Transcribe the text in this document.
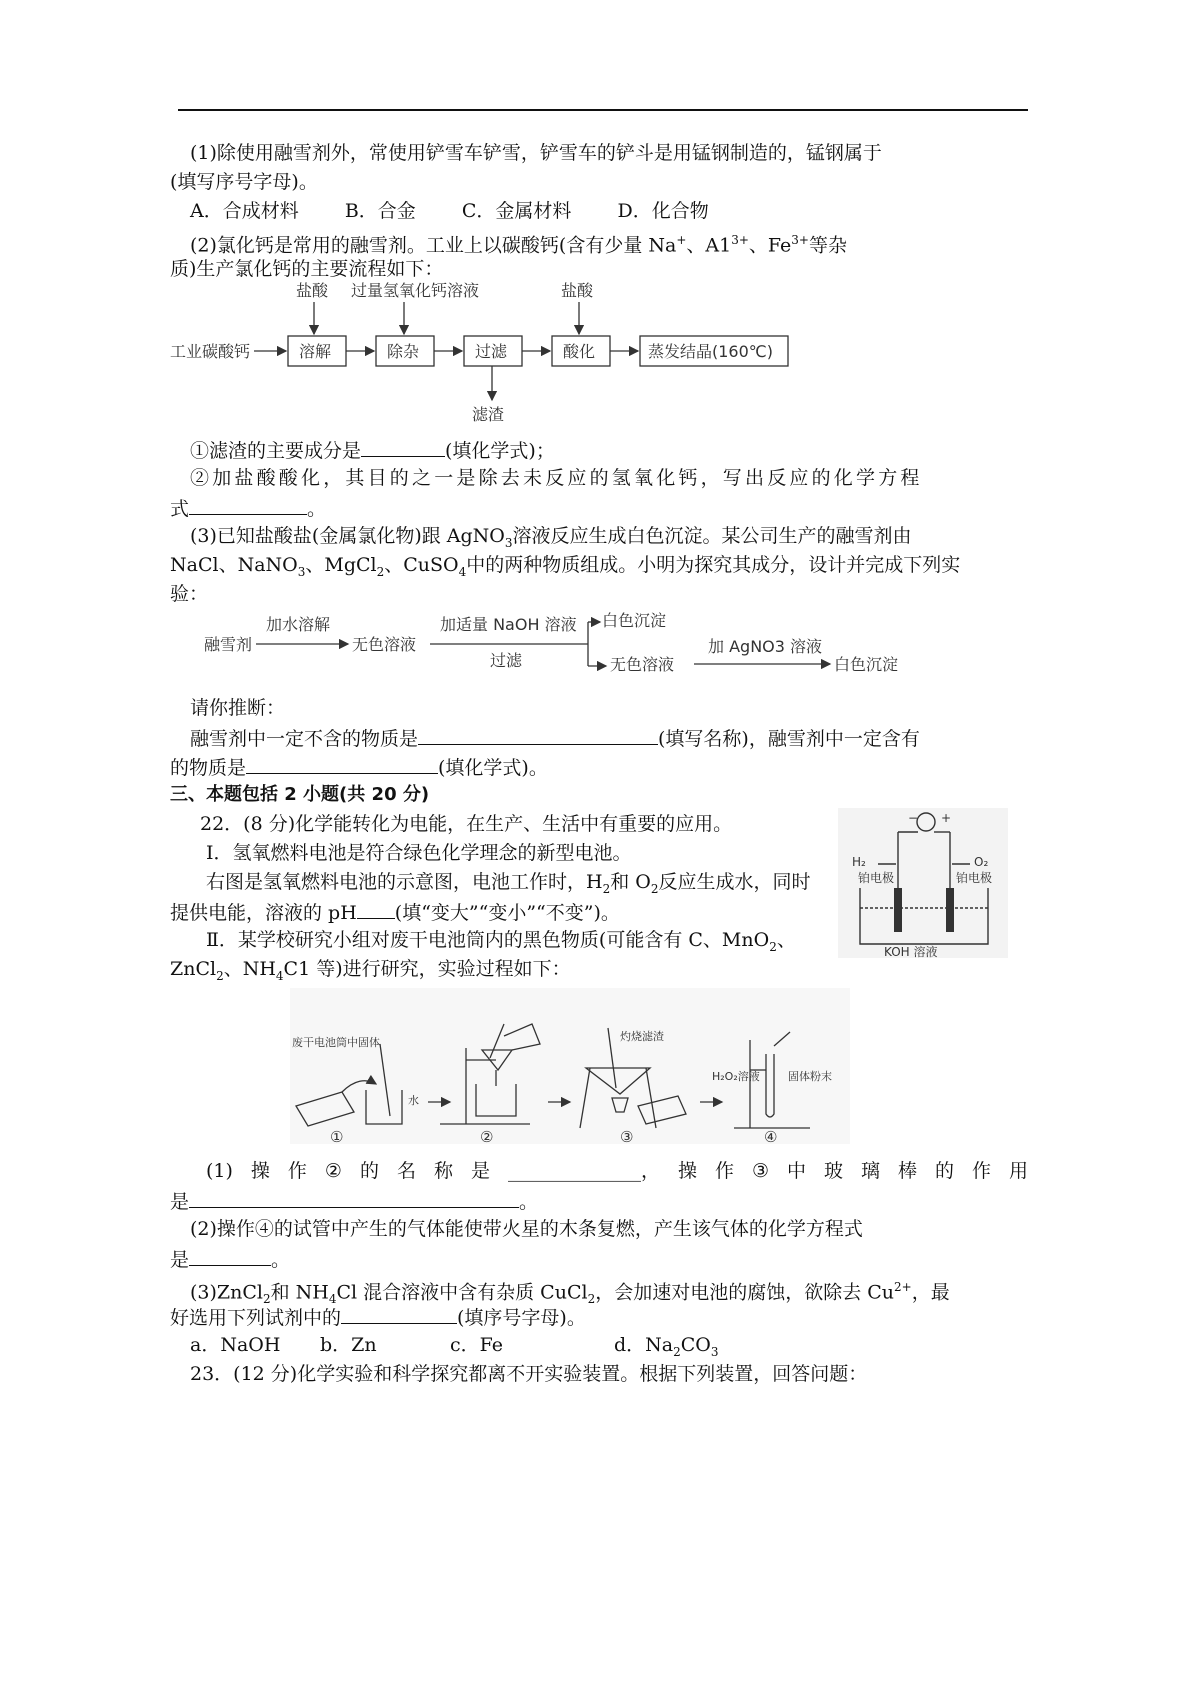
(1)除使用融雪剂外，常使用铲雪车铲雪，铲雪车的铲斗是用锰钢制造的，锰钢属于
(填写序号字母)。
A．合成材料 B．合金 C．金属材料 D．化合物
(2)氯化钙是常用的融雪剂。工业上以碳酸钙(含有少量 Na+、$A1^{3+}$、$Fe^{3+}$等杂
质)生产氯化钙的主要流程如下：
工业碳酸钙	溶解	除杂	过滤	酸化	蒸发结晶(160℃)
盐酸 过量氢氧化钙溶液	盐酸
滤渣
①滤渣的主要成分是	(填化学式)；
②加盐酸酸化，其目的之一是除去未反应的氢氧化钙，写出反应的化学方程
式	。
(3)已知盐酸盐(金属氯化物)跟 AgNO$_3$溶液反应生成白色沉淀。某公司生产的融雪剂由
NaCl、NaNO$_3$、MgCl$_2$、CuSO$_4$中的两种物质组成。小明为探究其成分，设计并完成下列实
验：
融雪剂
加水溶解
无色溶液
加适量 NaOH 溶液
过滤
白色沉淀
无色溶液
加 AgNO3 溶液
白色沉淀
请你推断：
融雪剂中一定不含的物质是	(填写名称)，融雪剂中一定含有
的物质是	(填化学式)。
三、本题包括 2 小题(共 20 分)
22．(8 分)化学能转化为电能，在生产、生活中有重要的应用。
I．氢氧燃料电池是符合绿色化学理念的新型电池。
右图是氢氧燃料电池的示意图，电池工作时，$H_2$和 $O_2$反应生成水，同时
提供电能，溶液的 pH (填“变大”“变小”“不变”)。
− +
H₂	O₂
铂电极	铂电极
KOH 溶液
Ⅱ．某学校研究小组对废干电池筒内的黑色物质(可能含有 C、MnO$_2$、
ZnCl$_2$、$NH_4C1$ 等)进行研究，实验过程如下：
废干电池筒中固体
水
灼烧滤渣
H₂O₂溶液	固体粉末
①	②	③	④
(1) 操 作 ② 的 名 称 是 ______________， 操 作 ③ 中 玻 璃 棒 的 作 用
是	。
(2)操作④的试管中产生的气体能使带火星的木条复燃，产生该气体的化学方程式
是	。
(3)ZnCl$_2$和 $NH_4Cl$ 混合溶液中含有杂质 CuCl$_2$，会加速对电池的腐蚀，欲除去 $Cu^{2+}$，最
好选用下列试剂中的	(填序号字母)。
a．NaOH b．Zn	c．Fe	d．$Na_2CO_3$
23．(12 分)化学实验和科学探究都离不开实验装置。根据下列装置，回答问题：
